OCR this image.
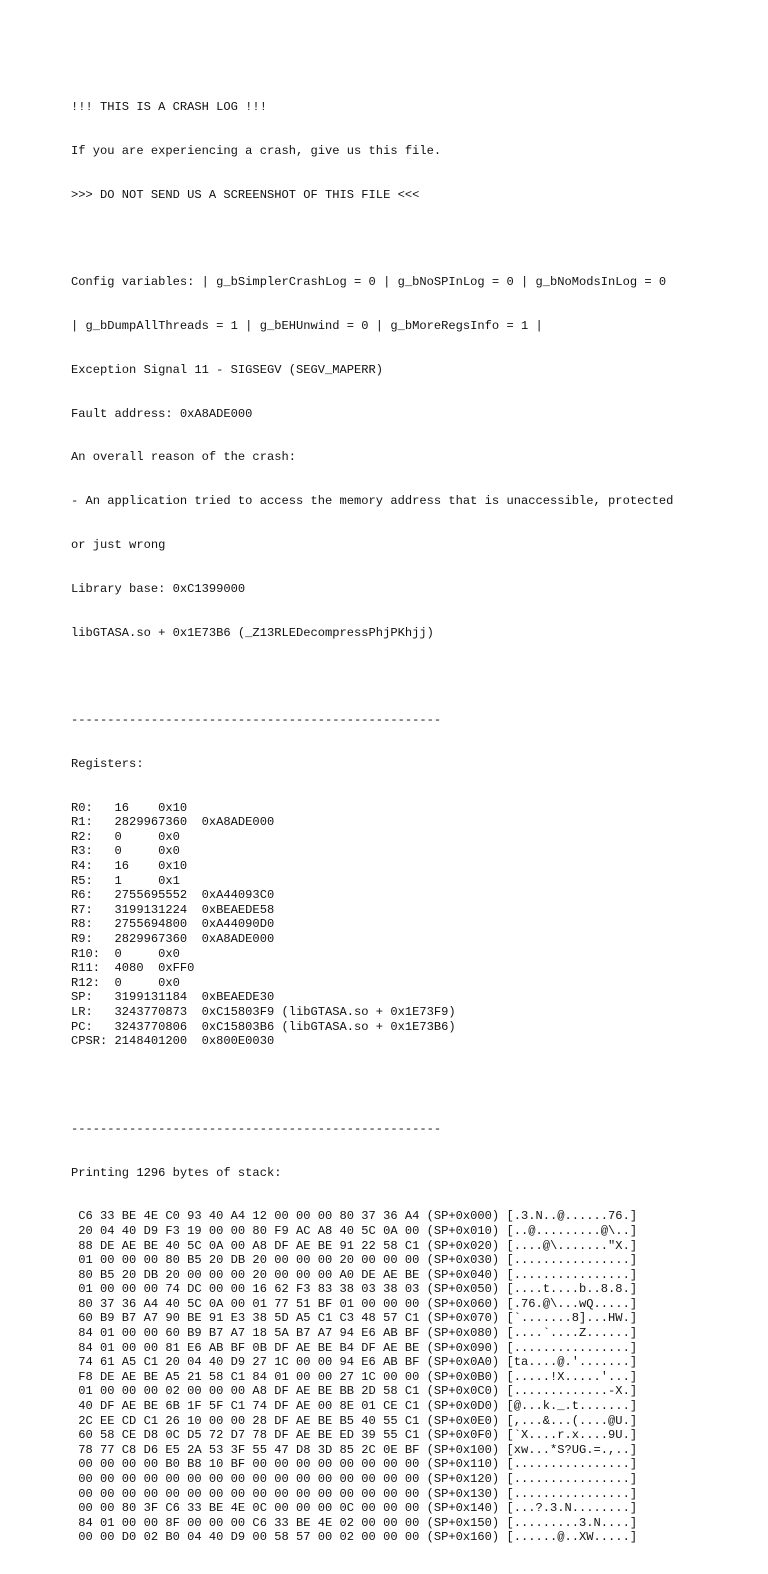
!!! THIS IS A CRASH LOG !!!

If you are experiencing a crash, give us this file.

>>> DO NOT SEND US A SCREENSHOT OF THIS FILE <<<

Config variables: | g_bSimplerCrashLog = 0 | g_bNoSPInLog = 0 | g_bNoModsInLog = 0

| g_bDumpAllThreads = 1 | g_bEHUnwind = 0 | g_bMoreRegsInfo = 1 |

Exception Signal 11 - SIGSEGV (SEGV_MAPERR)

Fault address: 0xA8ADE000

An overall reason of the crash:

- An application tried to access the memory address that is unaccessible, protected

or just wrong

Library base: 0xC1399000

libGTASA.so + 0x1E73B6 (_Z13RLEDecompressPhjPKhjj)

---------------------------------------------------

Registers:

R0:   16    0x10
R1:   2829967360  0xA8ADE000
R2:   0     0x0
R3:   0     0x0
R4:   16    0x10
R5:   1     0x1
R6:   2755695552  0xA44093C0
R7:   3199131224  0xBEAEDE58
R8:   2755694800  0xA44090D0
R9:   2829967360  0xA8ADE000
R10:  0     0x0
R11:  4080  0xFF0
R12:  0     0x0
SP:   3199131184  0xBEAEDE30
LR:   3243770873  0xC15803F9 (libGTASA.so + 0x1E73F9)
PC:   3243770806  0xC15803B6 (libGTASA.so + 0x1E73B6)
CPSR: 2148401200  0x800E0030

---------------------------------------------------

Printing 1296 bytes of stack:

C6 33 BE 4E C0 93 40 A4 12 00 00 00 80 37 36 A4 (SP+0x000) [.3.N..@......76.]
20 04 40 D9 F3 19 00 00 80 F9 AC A8 40 5C 0A 00 (SP+0x010) [..@.........@\..]
88 DE AE BE 40 5C 0A 00 A8 DF AE BE 91 22 58 C1 (SP+0x020) [....@\......."X.]
01 00 00 00 80 B5 20 DB 20 00 00 00 20 00 00 00 (SP+0x030) [................]
80 B5 20 DB 20 00 00 00 20 00 00 00 A0 DE AE BE (SP+0x040) [................]
01 00 00 00 74 DC 00 00 16 62 F3 83 38 03 38 03 (SP+0x050) [....t....b..8.8.]
80 37 36 A4 40 5C 0A 00 01 77 51 BF 01 00 00 00 (SP+0x060) [.76.@\...wQ.....]
60 B9 B7 A7 90 BE 91 E3 38 5D A5 C1 C3 48 57 C1 (SP+0x070) [`.......8]...HW.]
84 01 00 00 60 B9 B7 A7 18 5A B7 A7 94 E6 AB BF (SP+0x080) [....`....Z......]
84 01 00 00 81 E6 AB BF 0B DF AE BE B4 DF AE BE (SP+0x090) [................]
74 61 A5 C1 20 04 40 D9 27 1C 00 00 94 E6 AB BF (SP+0x0A0) [ta....@.'.......]
F8 DE AE BE A5 21 58 C1 84 01 00 00 27 1C 00 00 (SP+0x0B0) [.....!X.....'...]
01 00 00 00 02 00 00 00 A8 DF AE BE BB 2D 58 C1 (SP+0x0C0) [.............-X.]
40 DF AE BE 6B 1F 5F C1 74 DF AE 00 8E 01 CE C1 (SP+0x0D0) [@...k._.t.......]
2C EE CD C1 26 10 00 00 28 DF AE BE B5 40 55 C1 (SP+0x0E0) [,...&...(....@U.]
60 58 CE D8 0C D5 72 D7 78 DF AE BE ED 39 55 C1 (SP+0x0F0) [`X....r.x....9U.]
78 77 C8 D6 E5 2A 53 3F 55 47 D8 3D 85 2C 0E BF (SP+0x100) [xw...*S?UG.=.,..]
00 00 00 00 B0 B8 10 BF 00 00 00 00 00 00 00 00 (SP+0x110) [................]
00 00 00 00 00 00 00 00 00 00 00 00 00 00 00 00 (SP+0x120) [................]
00 00 00 00 00 00 00 00 00 00 00 00 00 00 00 00 (SP+0x130) [................]
00 00 80 3F C6 33 BE 4E 0C 00 00 00 0C 00 00 00 (SP+0x140) [...?.3.N........]
84 01 00 00 8F 00 00 00 C6 33 BE 4E 02 00 00 00 (SP+0x150) [.........3.N....]
00 00 D0 02 B0 04 40 D9 00 58 57 00 02 00 00 00 (SP+0x160) [......@..XW.....]
